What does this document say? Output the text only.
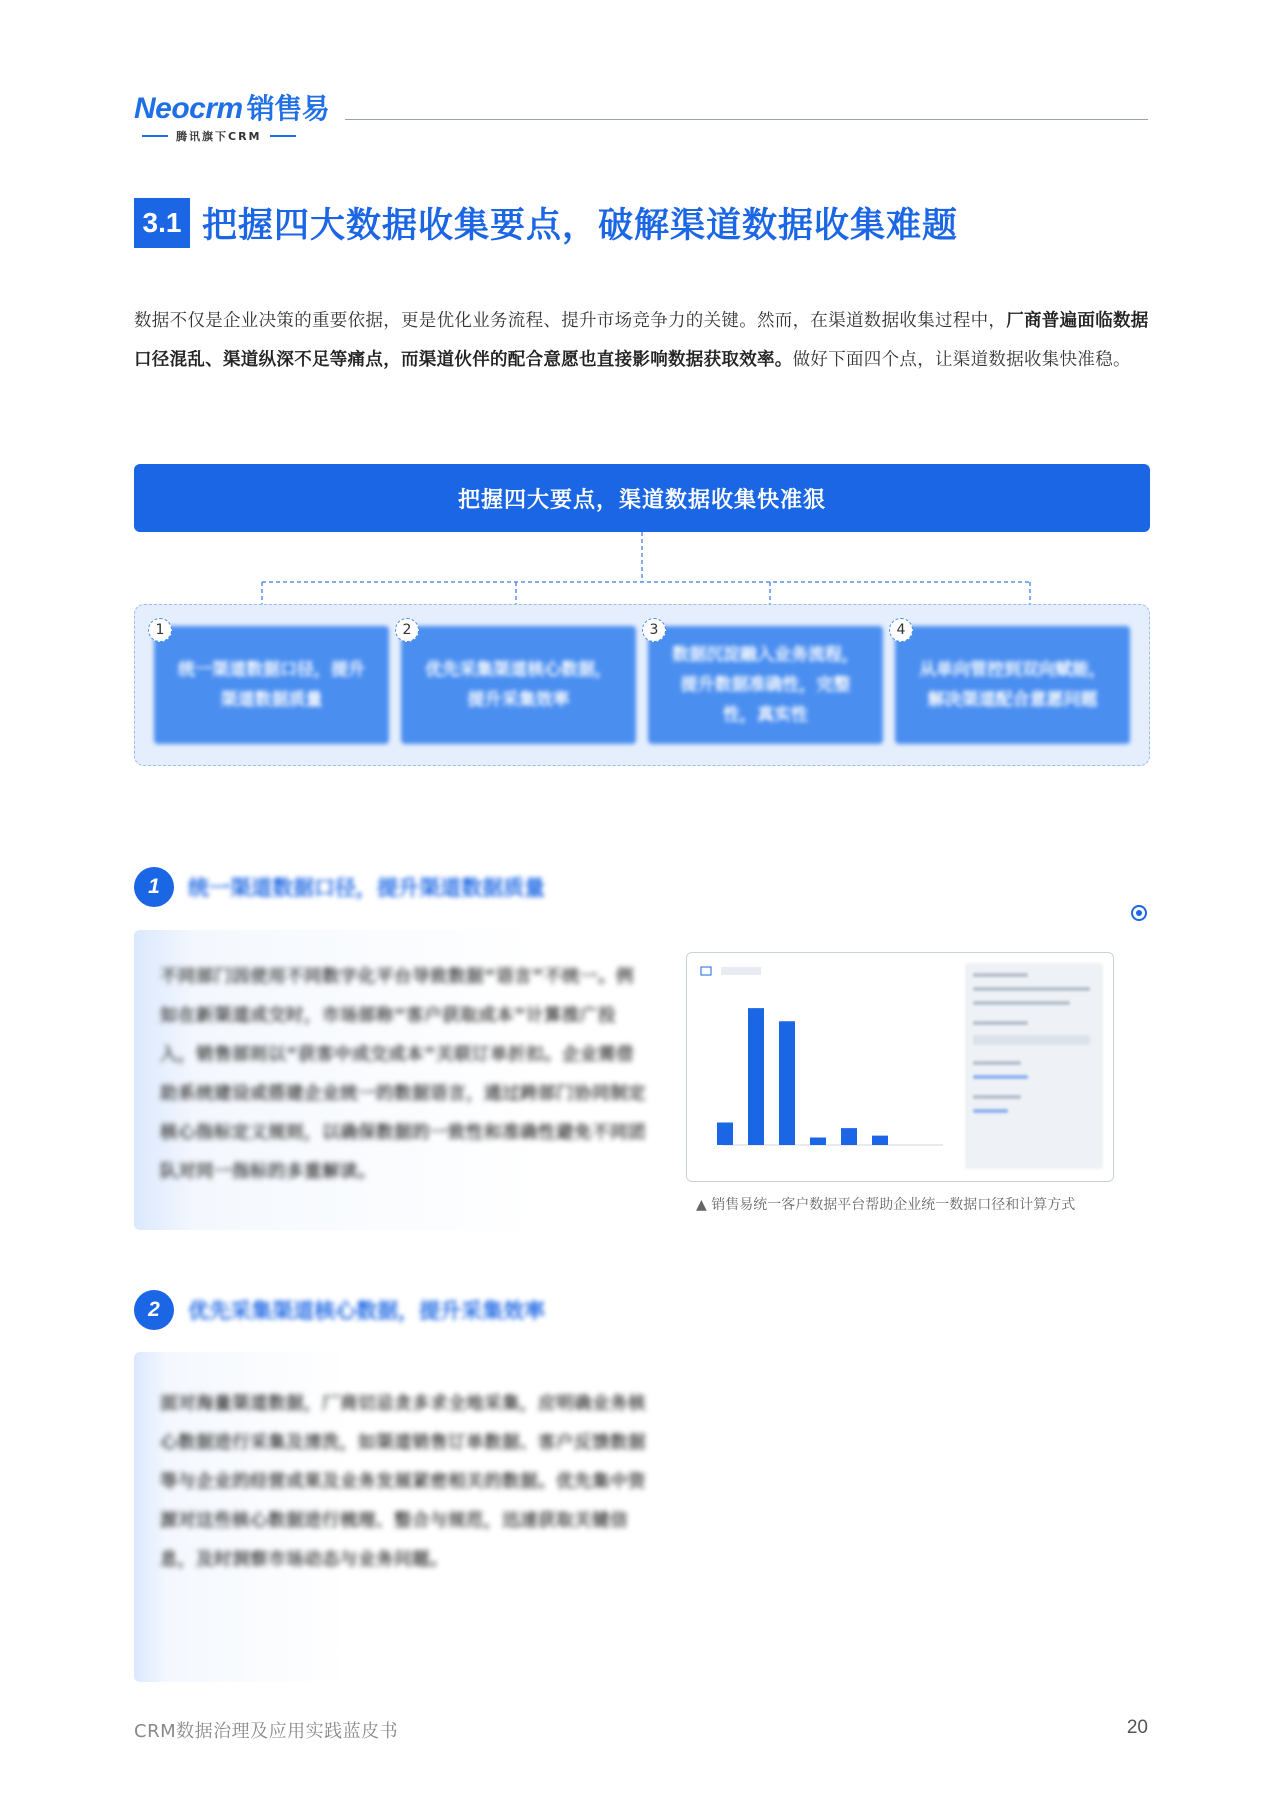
Neocrm 销售易
腾讯旗下CRM
3.1 把握四大数据收集要点，破解渠道数据收集难题

数据不仅是企业决策的重要依据，更是优化业务流程、提升市场竞争力的关键。然而，在渠道数据收集过程中，厂商普遍面临数据口径混乱、渠道纵深不足等痛点，而渠道伙伴的配合意愿也直接影响数据获取效率。做好下面四个点，让渠道数据收集快准稳。

把握四大要点，渠道数据收集快准狠
统一渠道数据口径，提升渠道数据质量
优先采集渠道核心数据，提升采集效率
数据沉淀融入业务流程，提升数据准确性，完整性，真实性
从单向管控到双向赋能，解决渠道配合意愿问题
1	2	3	4
1	统一渠道数据口径，提升渠道数据质量
不同部门因使用不同数字化平台导致数据“语言”不统一。例如在新渠道成交时，市场部称“客户获取成本”计算推广投入，销售部则以“获客中成交成本”关联订单折扣。企业需借助系统建设或搭建企业统一的数据语言，通过跨部门协同制定核心指标定义规则，以确保数据的一致性和准确性避免不同团队对同一指标的多重解读。
▲ 销售易统一客户数据平台帮助企业统一数据口径和计算方式
2	优先采集渠道核心数据，提升采集效率
面对海量渠道数据，厂商切忌贪多求全地采集，应明确业务核心数据进行采集及清洗，如渠道销售订单数据、客户反馈数据等与企业的经营成果及业务发展紧密相关的数据。优先集中资源对这些核心数据进行梳理、整合与规范，迅速获取关键信息，及时洞察市场动态与业务问题。
CRM数据治理及应用实践蓝皮书	20
